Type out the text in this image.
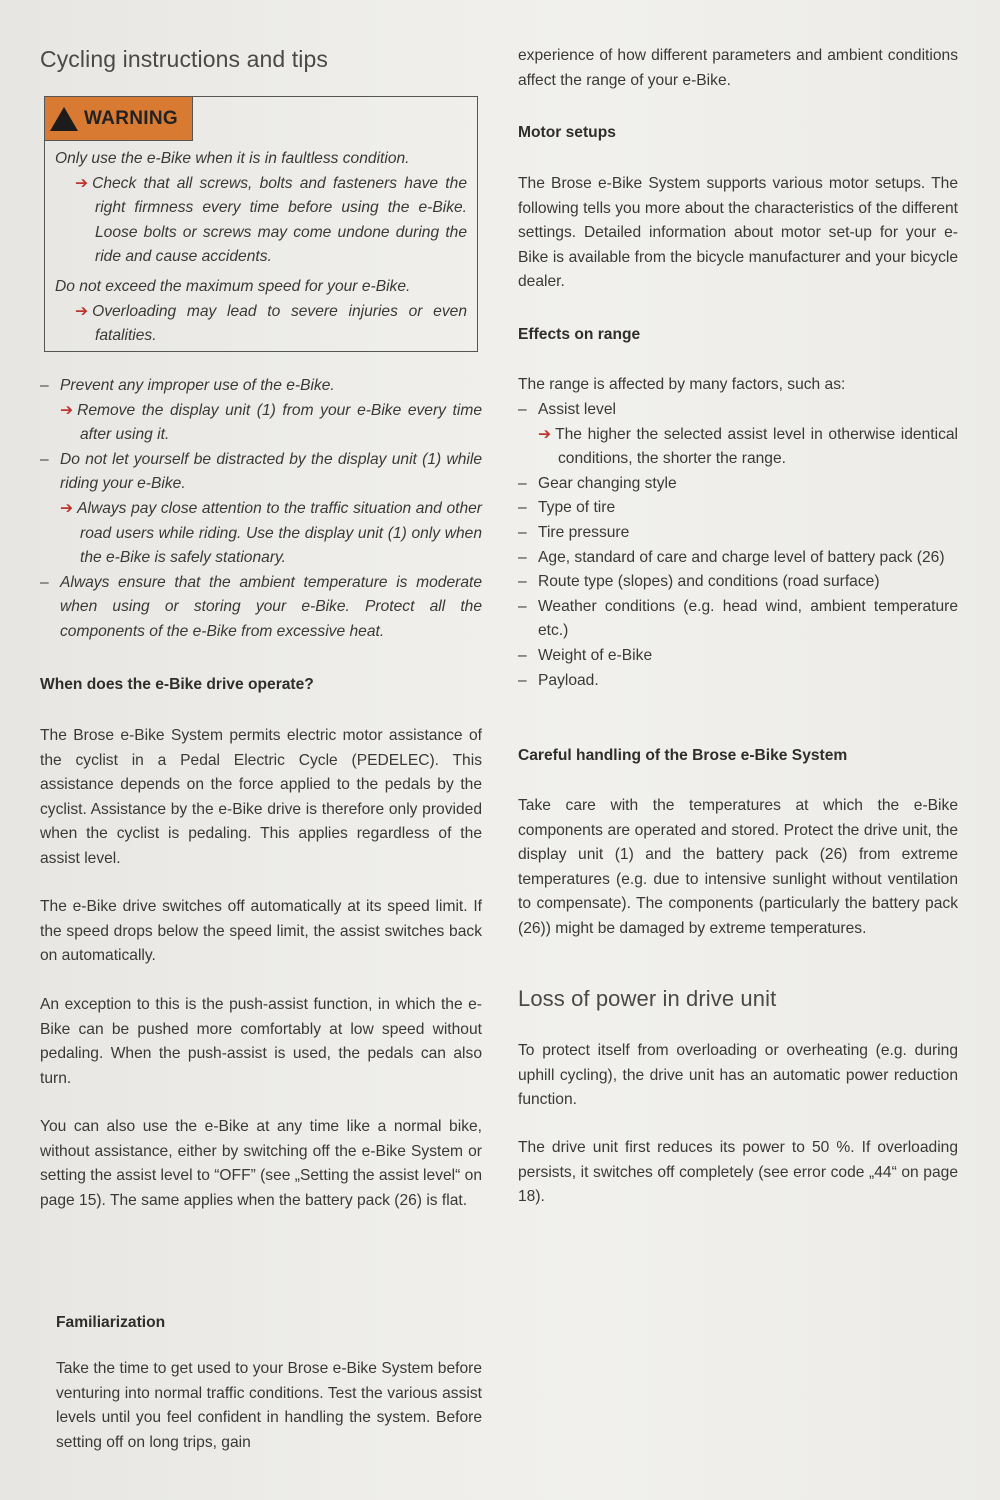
Cycling instructions and tips
WARNING

Only use the e-Bike when it is in faultless condition.

➔ Check that all screws, bolts and fasteners have the right firmness every time before using the e-Bike. Loose bolts or screws may come undone during the ride and cause accidents.

Do not exceed the maximum speed for your e-Bike.

➔ Overloading may lead to severe injuries or even fatalities.

– Prevent any improper use of the e-Bike.
➔ Remove the display unit (1) from your e-Bike every time after using it.
– Do not let yourself be distracted by the display unit (1) while riding your e-Bike.
➔ Always pay close attention to the traffic situation and other road users while riding. Use the display unit (1) only when the e-Bike is safely stationary.
– Always ensure that the ambient temperature is moderate when using or storing your e-Bike. Protect all the components of the e-Bike from excessive heat.
When does the e-Bike drive operate?

The Brose e-Bike System permits electric motor assistance of the cyclist in a Pedal Electric Cycle (PEDELEC). This assistance depends on the force applied to the pedals by the cyclist. Assistance by the e-Bike drive is therefore only provided when the cyclist is pedaling. This applies regardless of the assist level.

The e-Bike drive switches off automatically at its speed limit. If the speed drops below the speed limit, the assist switches back on automatically.

An exception to this is the push-assist function, in which the e-Bike can be pushed more comfortably at low speed without pedaling. When the push-assist is used, the pedals can also turn.

You can also use the e-Bike at any time like a normal bike, without assistance, either by switching off the e-Bike System or setting the assist level to “OFF” (see „Setting the assist level“ on page 15). The same applies when the battery pack (26) is flat.

Familiarization

Take the time to get used to your Brose e-Bike System before venturing into normal traffic conditions. Test the various assist levels until you feel confident in handling the system. Before setting off on long trips, gain

experience of how different parameters and ambient conditions affect the range of your e-Bike.

Motor setups

The Brose e-Bike System supports various motor setups. The following tells you more about the characteristics of the different settings. Detailed information about motor set-up for your e-Bike is available from the bicycle manufacturer and your bicycle dealer.

Effects on range

The range is affected by many factors, such as:

– Assist level
➔ The higher the selected assist level in otherwise identical conditions, the shorter the range.
– Gear changing style
– Type of tire
– Tire pressure
– Age, standard of care and charge level of battery pack (26)
– Route type (slopes) and conditions (road surface)
– Weather conditions (e.g. head wind, ambient temperature etc.)
– Weight of e-Bike
– Payload.
Careful handling of the Brose e-Bike System

Take care with the temperatures at which the e-Bike components are operated and stored. Protect the drive unit, the display unit (1) and the battery pack (26) from extreme temperatures (e.g. due to intensive sunlight without ventilation to compensate). The components (particularly the battery pack (26)) might be damaged by extreme temperatures.

Loss of power in drive unit

To protect itself from overloading or overheating (e.g. during uphill cycling), the drive unit has an automatic power reduction function.

The drive unit first reduces its power to 50 %. If overloading persists, it switches off completely (see error code „44“ on page 18).
